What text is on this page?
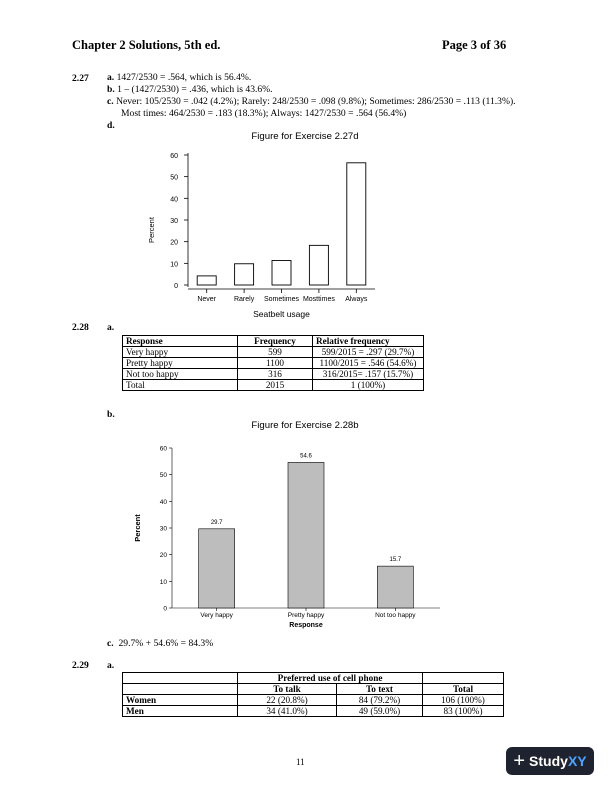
Chapter 2 Solutions, 5th ed.	Page 3 of 36
2.27 a. 1427/2530 = .564, which is 56.4%.
b. 1 – (1427/2530) = .436, which is 43.6%.
c. Never: 105/2530 = .042 (4.2%); Rarely: 248/2530 = .098 (9.8%); Sometimes: 286/2530 = .113 (11.3%).
Most times: 464/2530 = .183 (18.3%); Always: 1427/2530 = .564 (56.4%)
d.
Figure for Exercise 2.27d
0
10
20
30
40
50
60
Never	Rarely Sometimes Mosttimes Always
Seatbelt usage
Percent
2.28 a.
Response	Frequency	Relative frequency
Very happy	599	599/2015 = .297 (29.7%)
Pretty happy	1100	1100/2015 = .546 (54.6%)
Not too happy	316	316/2015= .157 (15.7%)
Total	2015	1 (100%)
b.
Figure for Exercise 2.28b
0
10
20
30
40
50
60
29.7
Very happy
54.6
Pretty happy
15.7
Not too happy
Response
Percent
c. 29.7% + 54.6% = 84.3%
2.29 a.
	Preferred use of cell phone		
	To talk	To text	Total
Women	22 (20.8%)	84 (79.2%)	106 (100%)
Men	34 (41.0%)	49 (59.0%)	83 (100%)
11	+ Study XY
